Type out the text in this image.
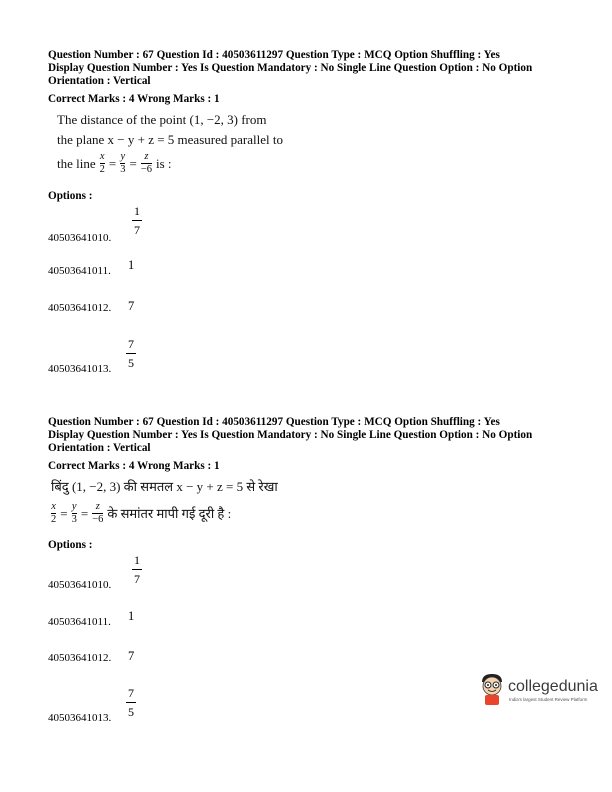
Question Number : 67 Question Id : 40503611297 Question Type : MCQ Option Shuffling : Yes
Display Question Number : Yes Is Question Mandatory : No Single Line Question Option : No Option
Orientation : Vertical
Correct Marks : 4 Wrong Marks : 1
The distance of the point (1, −2, 3) from
the plane x − y + z = 5 measured parallel to
the line $\frac{x}{2} = \frac{y}{3} = \frac{z}{-6}$ is :
Options :
1
7
40503641010.
40503641011. 1
40503641012. 7
7
5
40503641013.
Question Number : 67 Question Id : 40503611297 Question Type : MCQ Option Shuffling : Yes
Display Question Number : Yes Is Question Mandatory : No Single Line Question Option : No Option
Orientation : Vertical
Correct Marks : 4 Wrong Marks : 1
बिंदु (1, −2, 3) की समतल x − y + z = 5 से रेखा
$\frac{x}{2} = \frac{y}{3} = \frac{z}{-6}$ के समांतर मापी गई दूरी है :
Options :
1
7
40503641010.
40503641011. 1
40503641012. 7
7
5
40503641013.
collegedunia
India's largest Student Review Platform
